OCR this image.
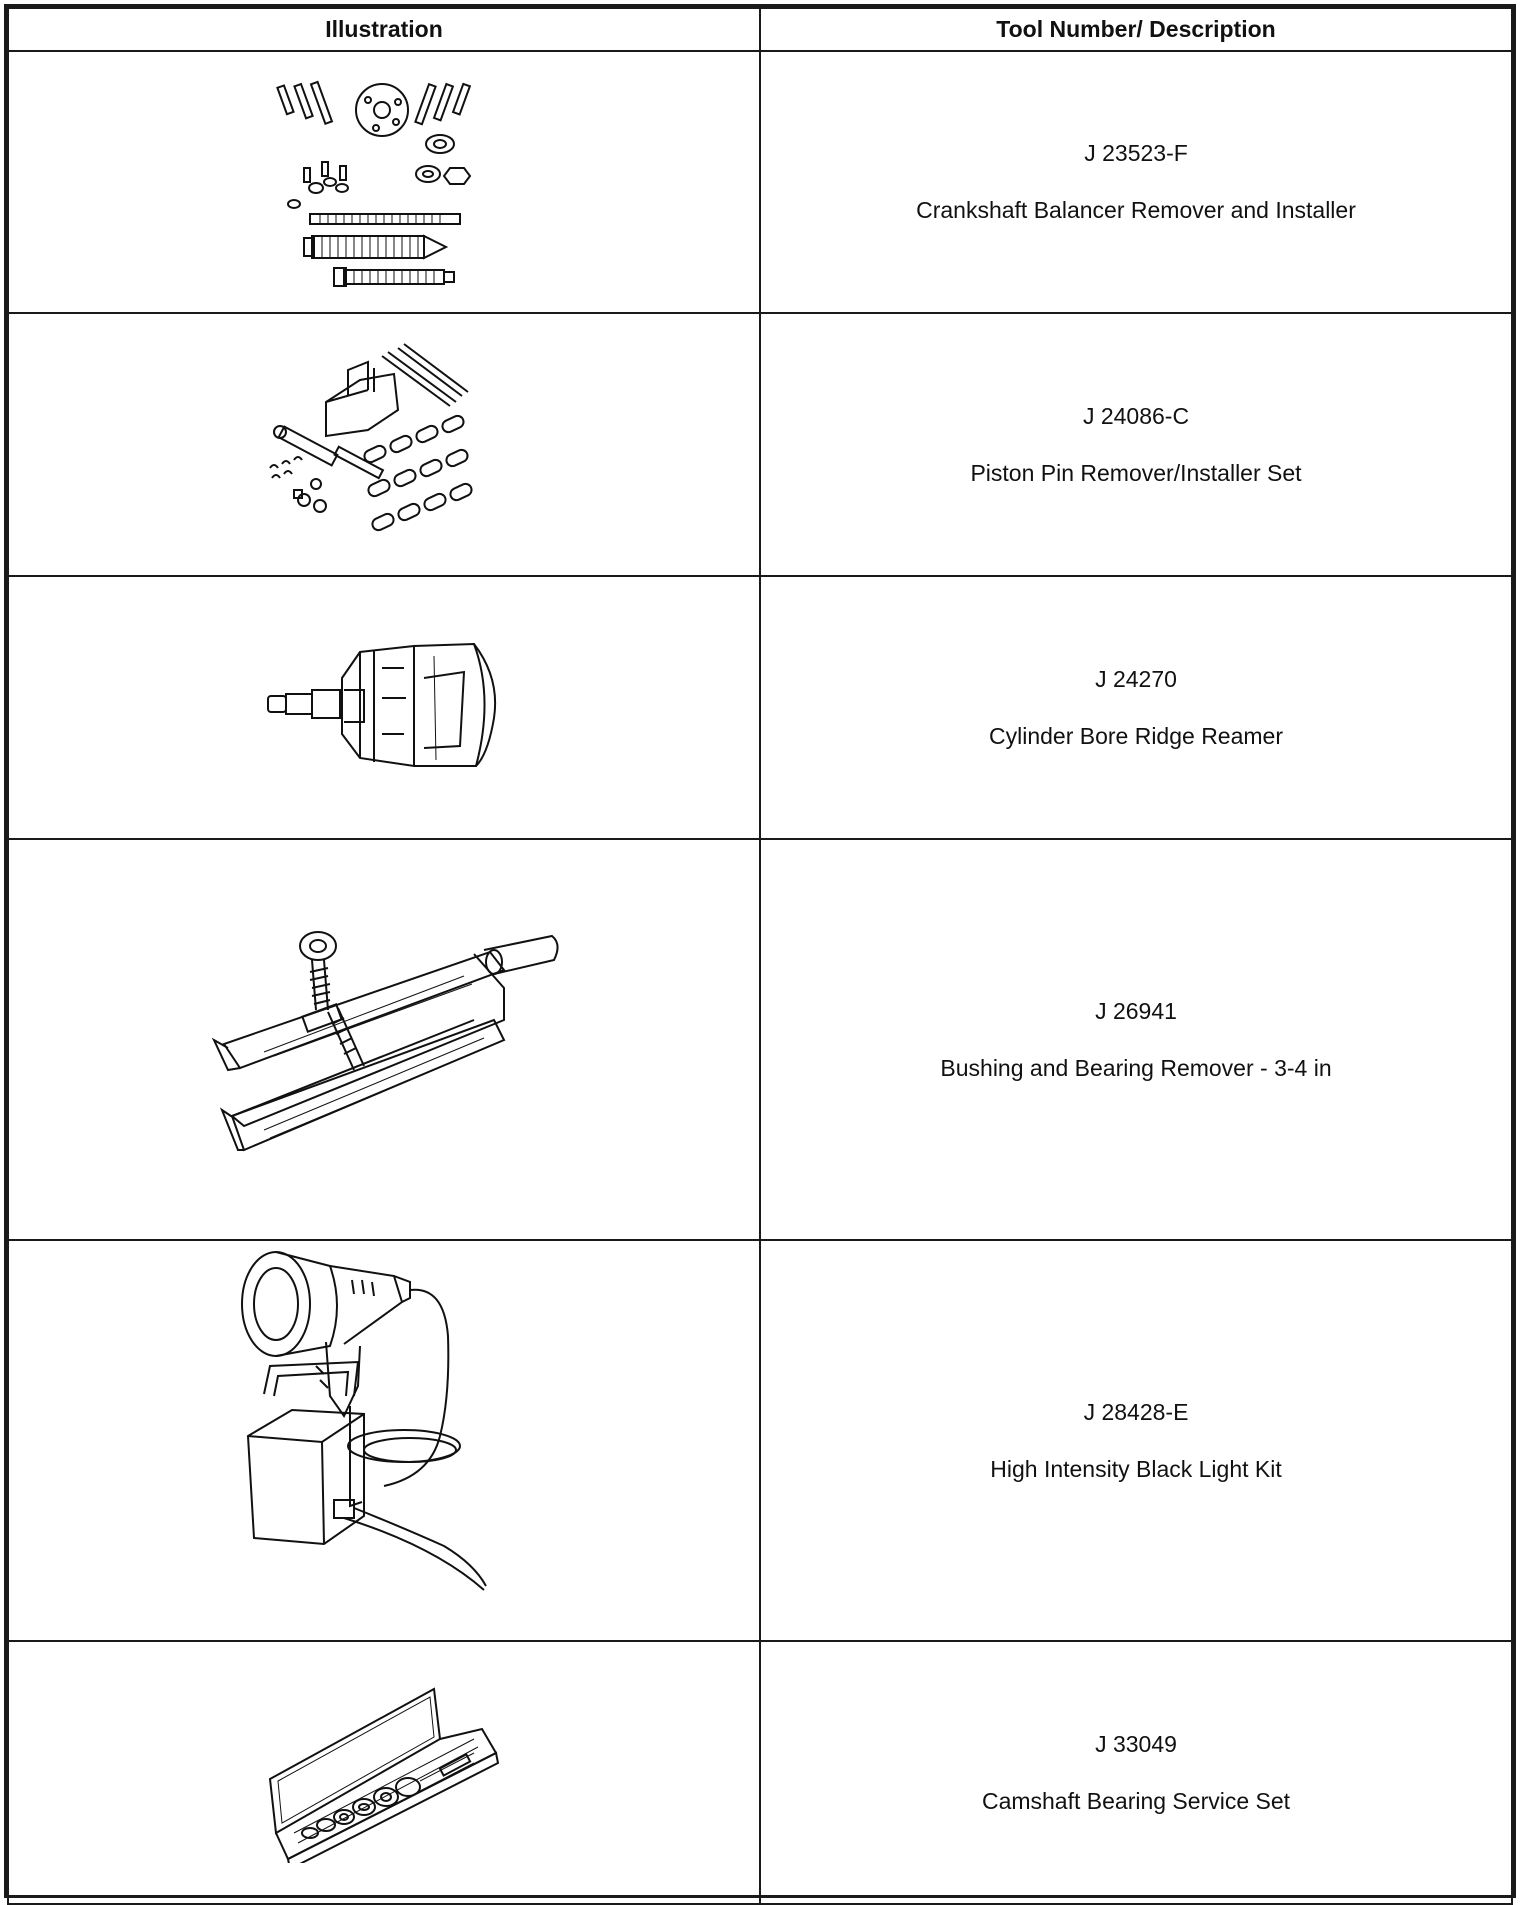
Illustration	Tool Number/ Description

J 23523-F
Crankshaft Balancer Remover and Installer

J 24086-C
Piston Pin Remover/Installer Set

J 24270
Cylinder Bore Ridge Reamer

J 26941
Bushing and Bearing Remover - 3-4 in

J 28428-E
High Intensity Black Light Kit

J 33049
Camshaft Bearing Service Set
